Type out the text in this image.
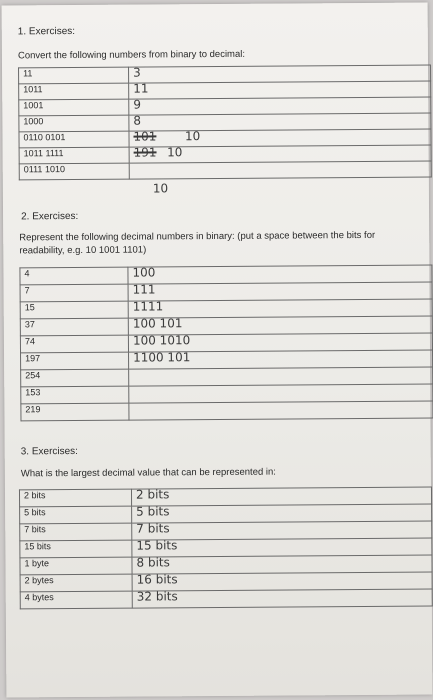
1. Exercises:
Convert the following numbers from binary to decimal:
11	3

1011	11

1001	9

1000	8

0110 0101	101 10
1011 1111	191 10
0111 1010	
10
2. Exercises:
Represent the following decimal numbers in binary: (put a space between the bits for readability, e.g. 10 1001 1101)
4	100

7	111

15	1111

37	100 101

74	100 1010

197	1100 101

254	

153	

219	
3. Exercises:
What is the largest decimal value that can be represented in:
2 bits	2 bits

5 bits	5 bits

7 bits	7 bits

15 bits	15 bits

1 byte	8 bits

2 bytes	16 bits

4 bytes	32 bits
